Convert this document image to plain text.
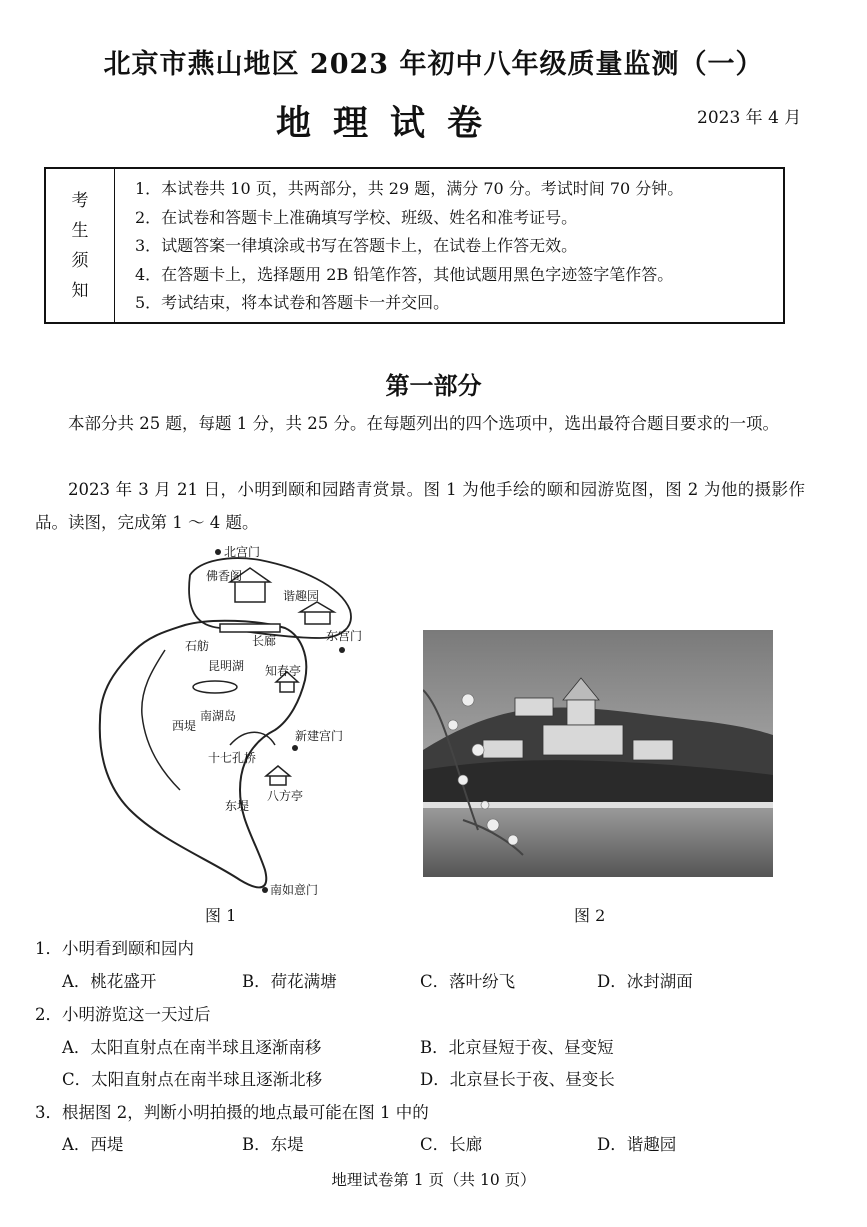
北京市燕山地区 2023 年初中八年级质量监测（一）
地理试卷	2023 年 4 月
考
生
须
知
1．本试卷共 10 页，共两部分，共 29 题，满分 70 分。考试时间 70 分钟。
2．在试卷和答题卡上准确填写学校、班级、姓名和准考证号。
3．试题答案一律填涂或书写在答题卡上，在试卷上作答无效。
4．在答题卡上，选择题用 2B 铅笔作答，其他试题用黑色字迹签字笔作答。
5．考试结束，将本试卷和答题卡一并交回。
第一部分
本部分共 25 题，每题 1 分，共 25 分。在每题列出的四个选项中，选出最符合题目要求的一项。
2023 年 3 月 21 日，小明到颐和园踏青赏景。图 1 为他手绘的颐和园游览图，图 2 为他的摄影作品。读图，完成第 1 ～ 4 题。
北宫门
佛香阁
谐趣园
长廊
石舫
东宫门
昆明湖 知春亭
西堤
南湖岛
新建宫门
十七孔桥
东堤
八方亭
南如意门
图 1	图 2
1．小明看到颐和园内
A．桃花盛开	B．荷花满塘	C．落叶纷飞	D．冰封湖面
2．小明游览这一天过后
A．太阳直射点在南半球且逐渐南移	B．北京昼短于夜、昼变短
C．太阳直射点在南半球且逐渐北移	D．北京昼长于夜、昼变长
3．根据图 2，判断小明拍摄的地点最可能在图 1 中的
A．西堤	B．东堤	C．长廊	D．谐趣园
地理试卷第 1 页（共 10 页）
